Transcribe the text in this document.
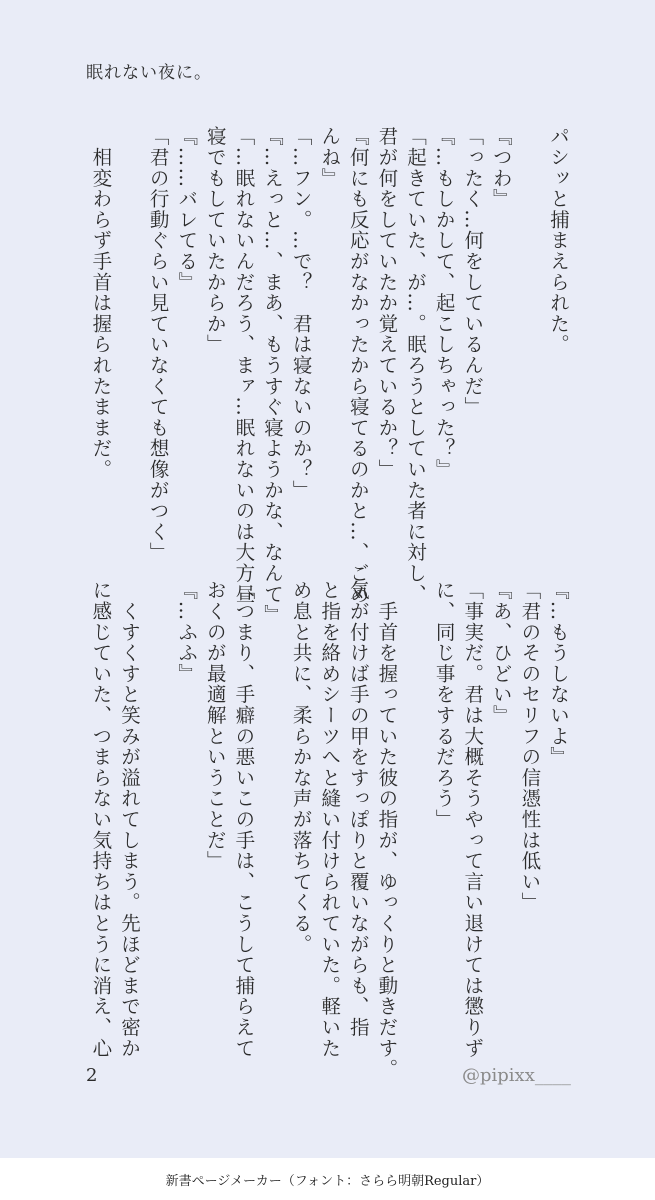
眠れない夜に。
パシッと捕まえられた。
『つわ』
「ったく…何をしているんだ」
『…もしかして、起こしちゃった？』
「起きていた、が…。眠ろうとしていた者に対し、
君が何をしていたか覚えているか？」
『何にも反応がなかったから寝てるのかと…、ごめ
んね』
「…フン。…で？　君は寝ないのか？」
『…えっと…、まあ、もうすぐ寝ようかな、なんて』
「…眠れないんだろう、まァ…眠れないのは大方昼
寝でもしていたからか」
『……バレてる』
「君の行動ぐらい見ていなくても想像がつく」
　相変わらず手首は握られたままだ。
『…もうしないよ』
「君のそのセリフの信憑性は低い」
『あ、ひどい』
「事実だ。君は大概そうやって言い退けては懲りず
に、同じ事をするだろう」
　手首を握っていた彼の指が、ゆっくりと動きだす。
気が付けば手の甲をすっぽりと覆いながらも、指
と指を絡めシーツへと縫い付けられていた。軽いた
め息と共に、柔らかな声が落ちてくる。
「つまり、手癖の悪いこの手は、こうして捕らえて
おくのが最適解ということだ」
『…ふふ』
　くすくすと笑みが溢れてしまう。先ほどまで密か
に感じていた、つまらない気持ちはとうに消え、心
2	@pipixx____
新書ページメーカー（フォント：さらら明朝Regular）
